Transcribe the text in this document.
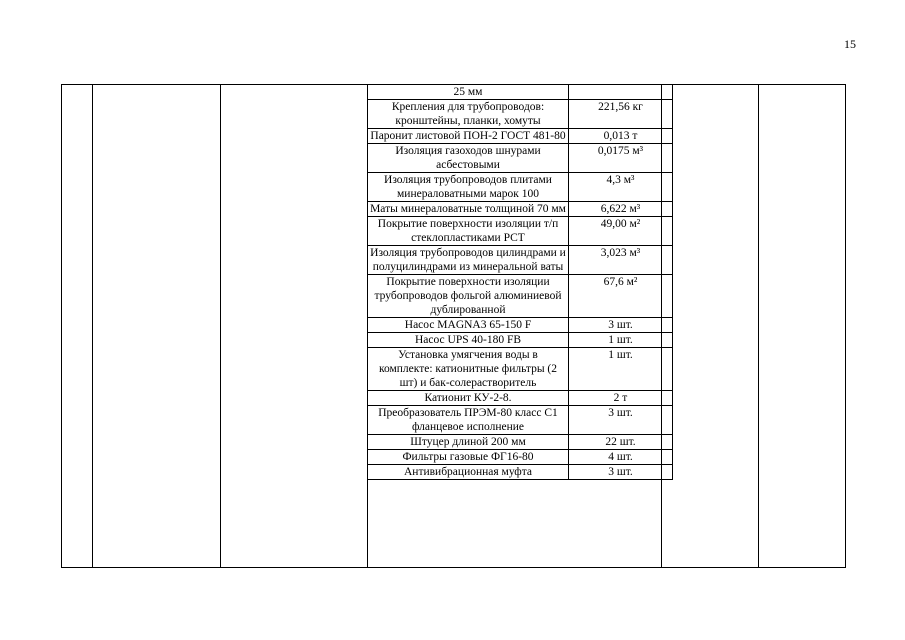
15
25 мм	
Крепления для трубопроводов: кронштейны, планки, хомуты	221,56 кг
Паронит листовой ПОН-2 ГОСТ 481-80	0,013 т
Изоляция газоходов шнурами асбестовыми	0,0175 м³
Изоляция трубопроводов плитами минераловатными марок 100	4,3 м³
Маты минераловатные толщиной 70 мм	6,622 м³
Покрытие поверхности изоляции т/п стеклопластиками РСТ	49,00 м²
Изоляция трубопроводов цилиндрами и полуцилиндрами из минеральной ваты	3,023 м³
Покрытие поверхности изоляции трубопроводов фольгой алюминиевой дублированной	67,6 м²
Насос MAGNA3 65-150 F	3 шт.
Насос UPS 40-180 FB	1 шт.
Установка умягчения воды в комплекте: катионитные фильтры (2 шт) и бак-солерастворитель	1 шт.
Катионит КУ-2-8.	2 т
Преобразователь ПРЭМ-80 класс С1 фланцевое исполнение	3 шт.
Штуцер длиной 200 мм	22 шт.
Фильтры газовые ФГ16-80	4 шт.
Антивибрационная муфта	3 шт.
